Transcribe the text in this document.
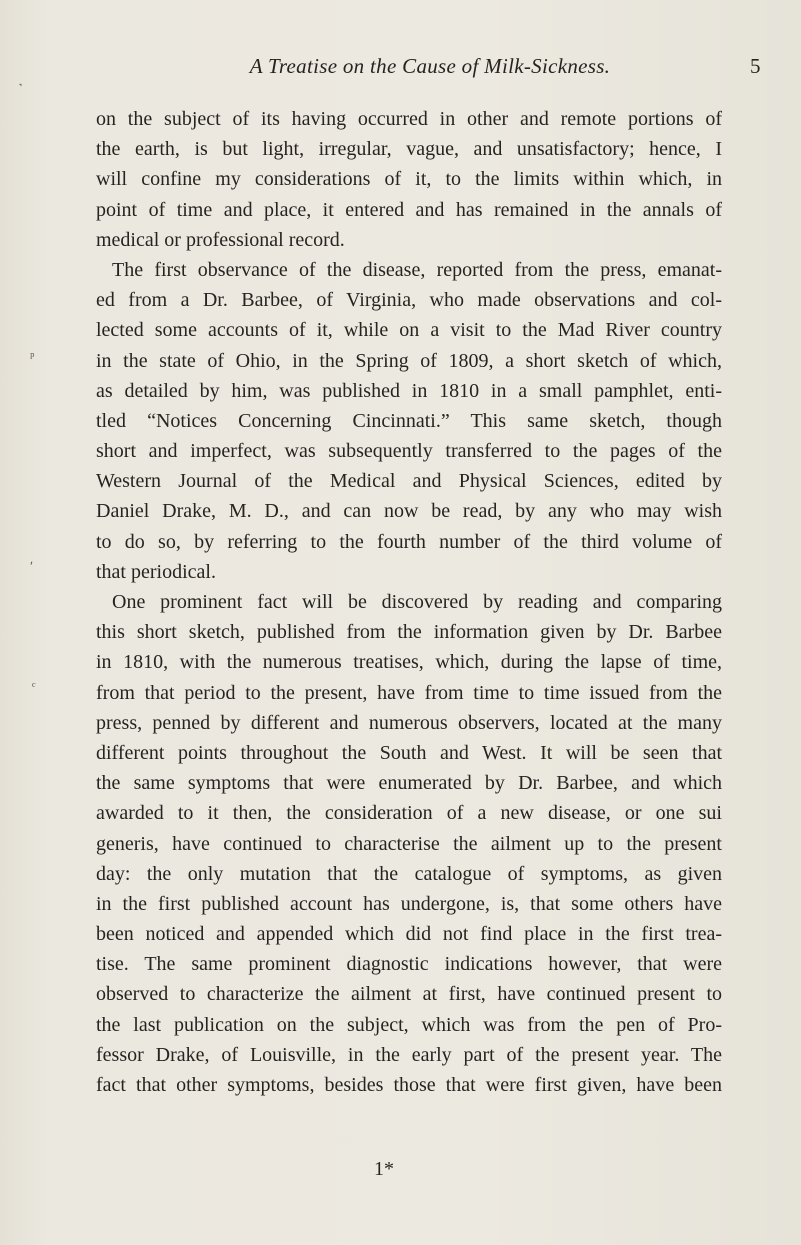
A Treatise on the Cause of Milk-Sickness.	5
on the subject of its having occurred in other and remote portions of
the earth, is but light, irregular, vague, and unsatisfactory; hence, I
will confine my considerations of it, to the limits within which, in
point of time and place, it entered and has remained in the annals of
medical or professional record.
The first observance of the disease, reported from the press, emanat-
ed from a Dr. Barbee, of Virginia, who made observations and col-
lected some accounts of it, while on a visit to the Mad River country
in the state of Ohio, in the Spring of 1809, a short sketch of which,
as detailed by him, was published in 1810 in a small pamphlet, enti-
tled “Notices Concerning Cincinnati.” This same sketch, though
short and imperfect, was subsequently transferred to the pages of the
Western Journal of the Medical and Physical Sciences, edited by
Daniel Drake, M. D., and can now be read, by any who may wish
to do so, by referring to the fourth number of the third volume of
that periodical.
One prominent fact will be discovered by reading and comparing
this short sketch, published from the information given by Dr. Barbee
in 1810, with the numerous treatises, which, during the lapse of time,
from that period to the present, have from time to time issued from the
press, penned by different and numerous observers, located at the many
different points throughout the South and West. It will be seen that
the same symptoms that were enumerated by Dr. Barbee, and which
awarded to it then, the consideration of a new disease, or one sui
generis, have continued to characterise the ailment up to the present
day: the only mutation that the catalogue of symptoms, as given
in the first published account has undergone, is, that some others have
been noticed and appended which did not find place in the first trea-
tise. The same prominent diagnostic indications however, that were
observed to characterize the ailment at first, have continued present to
the last publication on the subject, which was from the pen of Pro-
fessor Drake, of Louisville, in the early part of the present year. The
fact that other symptoms, besides those that were first given, have been
1*
˺
ᵖ
ʹ
ᶜ
